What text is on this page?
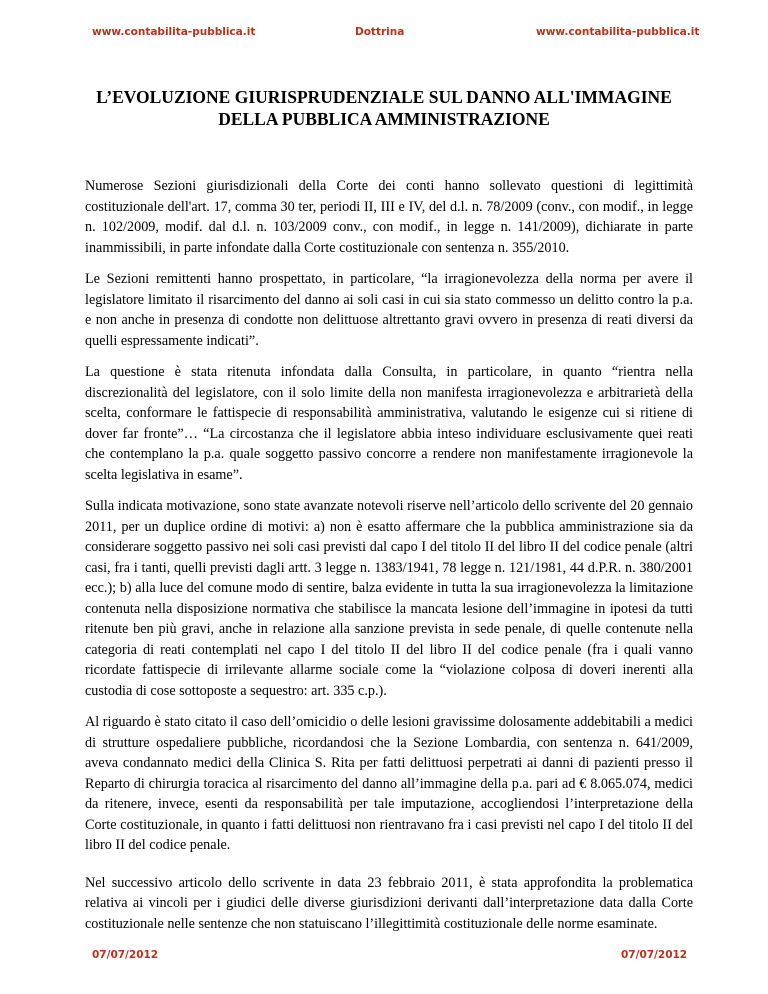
www.contabilita-pubblica.it	Dottrina	www.contabilita-pubblica.it
L’EVOLUZIONE GIURISPRUDENZIALE SUL DANNO ALL'IMMAGINE
DELLA PUBBLICA AMMINISTRAZIONE

Numerose Sezioni giurisdizionali della Corte dei conti hanno sollevato questioni di legittimità costituzionale dell'art. 17, comma 30 ter, periodi II, III e IV, del d.l. n. 78/2009 (conv., con modif., in legge n. 102/2009, modif. dal d.l. n. 103/2009 conv., con modif., in legge n. 141/2009), dichiarate in parte inammissibili, in parte infondate dalla Corte costituzionale con sentenza n. 355/2010.

Le Sezioni remittenti hanno prospettato, in particolare, “la irragionevolezza della norma per avere il legislatore limitato il risarcimento del danno ai soli casi in cui sia stato commesso un delitto contro la p.a. e non anche in presenza di condotte non delittuose altrettanto gravi ovvero in presenza di reati diversi da quelli espressamente indicati”.

La questione è stata ritenuta infondata dalla Consulta, in particolare, in quanto “rientra nella discrezionalità del legislatore, con il solo limite della non manifesta irragionevolezza e arbitrarietà della scelta, conformare le fattispecie di responsabilità amministrativa, valutando le esigenze cui si ritiene di dover far fronte”… “La circostanza che il legislatore abbia inteso individuare esclusivamente quei reati che contemplano la p.a. quale soggetto passivo concorre a rendere non manifestamente irragionevole la scelta legislativa in esame”.

Sulla indicata motivazione, sono state avanzate notevoli riserve nell’articolo dello scrivente del 20 gennaio 2011, per un duplice ordine di motivi: a) non è esatto affermare che la pubblica amministrazione sia da considerare soggetto passivo nei soli casi previsti dal capo I del titolo II del libro II del codice penale (altri casi, fra i tanti, quelli previsti dagli artt. 3 legge n. 1383/1941, 78 legge n. 121/1981, 44 d.P.R. n. 380/2001 ecc.); b) alla luce del comune modo di sentire, balza evidente in tutta la sua irragionevolezza la limitazione contenuta nella disposizione normativa che stabilisce la mancata lesione dell’immagine in ipotesi da tutti ritenute ben più gravi, anche in relazione alla sanzione prevista in sede penale, di quelle contenute nella categoria di reati contemplati nel capo I del titolo II del libro II del codice penale (fra i quali vanno ricordate fattispecie di irrilevante allarme sociale come la “violazione colposa di doveri inerenti alla custodia di cose sottoposte a sequestro: art. 335 c.p.).

Al riguardo è stato citato il caso dell’omicidio o delle lesioni gravissime dolosamente addebitabili a medici di strutture ospedaliere pubbliche, ricordandosi che la Sezione Lombardia, con sentenza n. 641/2009, aveva condannato medici della Clinica S. Rita per fatti delittuosi perpetrati ai danni di pazienti presso il Reparto di chirurgia toracica al risarcimento del danno all’immagine della p.a. pari ad € 8.065.074, medici da ritenere, invece, esenti da responsabilità per tale imputazione, accogliendosi l’interpretazione della Corte costituzionale, in quanto i fatti delittuosi non rientravano fra i casi previsti nel capo I del titolo II del libro II del codice penale.

Nel successivo articolo dello scrivente in data 23 febbraio 2011, è stata approfondita la problematica relativa ai vincoli per i giudici delle diverse giurisdizioni derivanti dall’interpretazione data dalla Corte costituzionale nelle sentenze che non statuiscano l’illegittimità costituzionale delle norme esaminate.

07/07/2012	07/07/2012
